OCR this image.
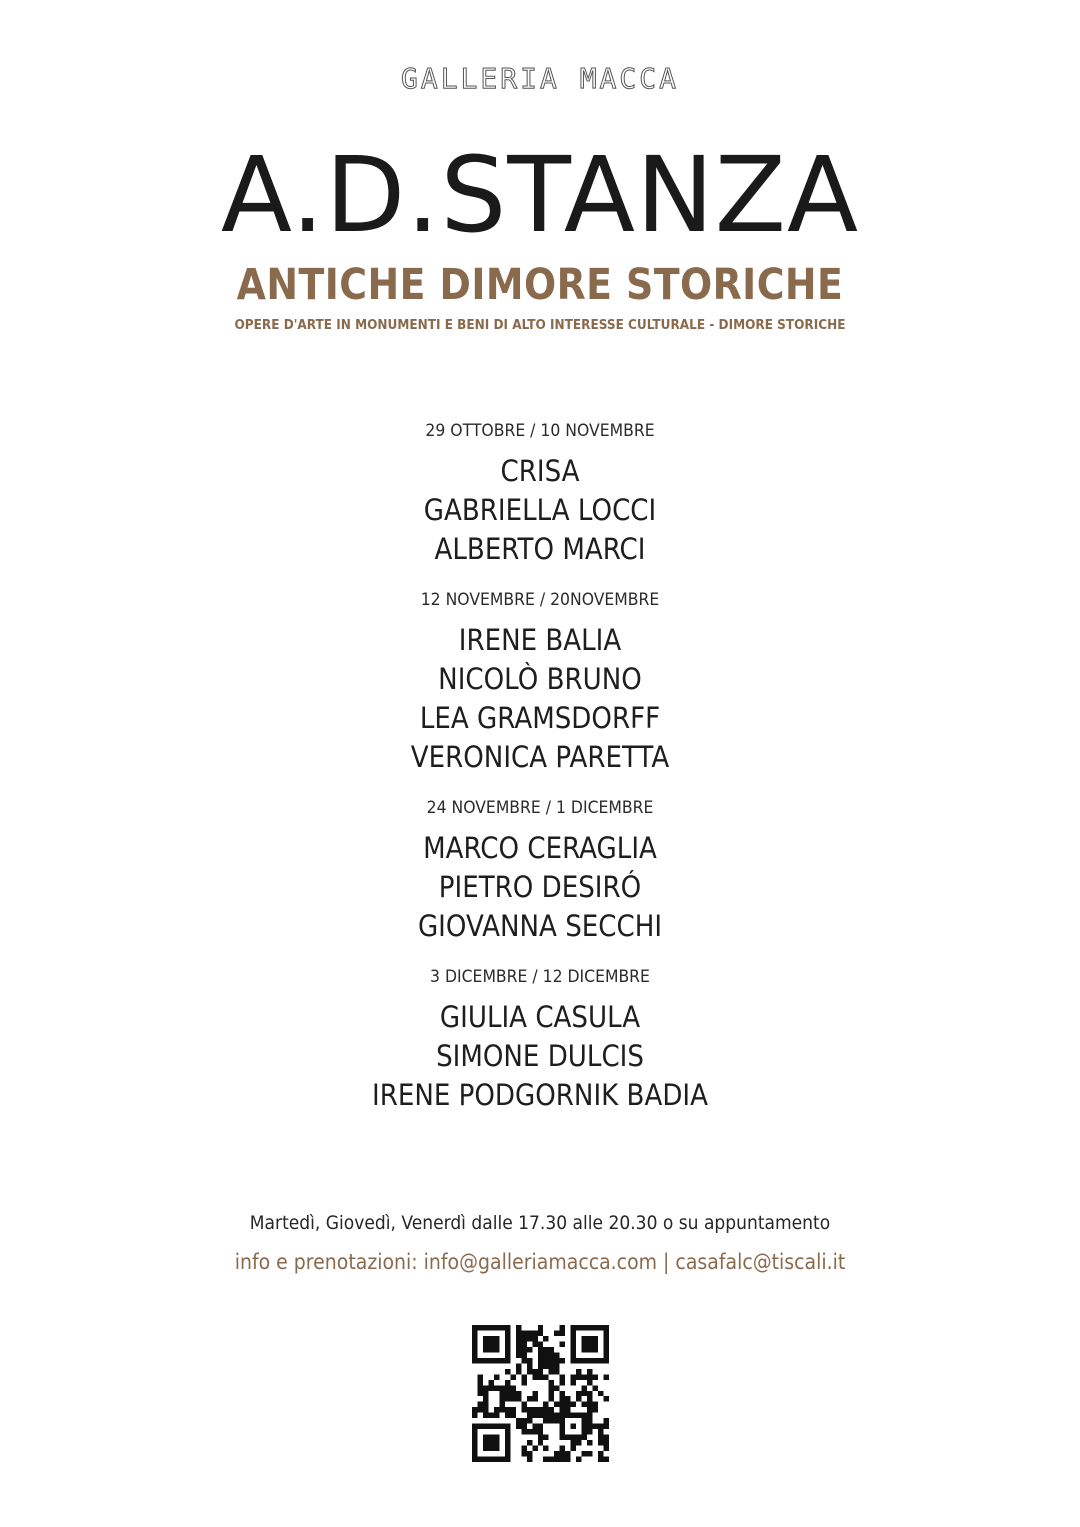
GALLERIA MACCA
A.D.STANZA
ANTICHE DIMORE STORICHE
OPERE D'ARTE IN MONUMENTI E BENI DI ALTO INTERESSE CULTURALE - DIMORE STORICHE
29 OTTOBRE / 10 NOVEMBRE
CRISA
GABRIELLA LOCCI
ALBERTO MARCI
12 NOVEMBRE / 20NOVEMBRE
IRENE BALIA
NICOLÒ BRUNO
LEA GRAMSDORFF
VERONICA PARETTA
24 NOVEMBRE / 1 DICEMBRE
MARCO CERAGLIA
PIETRO DESIRÓ
GIOVANNA SECCHI
3 DICEMBRE / 12 DICEMBRE
GIULIA CASULA
SIMONE DULCIS
IRENE PODGORNIK BADIA
Martedì, Giovedì, Venerdì dalle 17.30 alle 20.30 o su appuntamento
info e prenotazioni: info@galleriamacca.com | casafalc@tiscali.it
